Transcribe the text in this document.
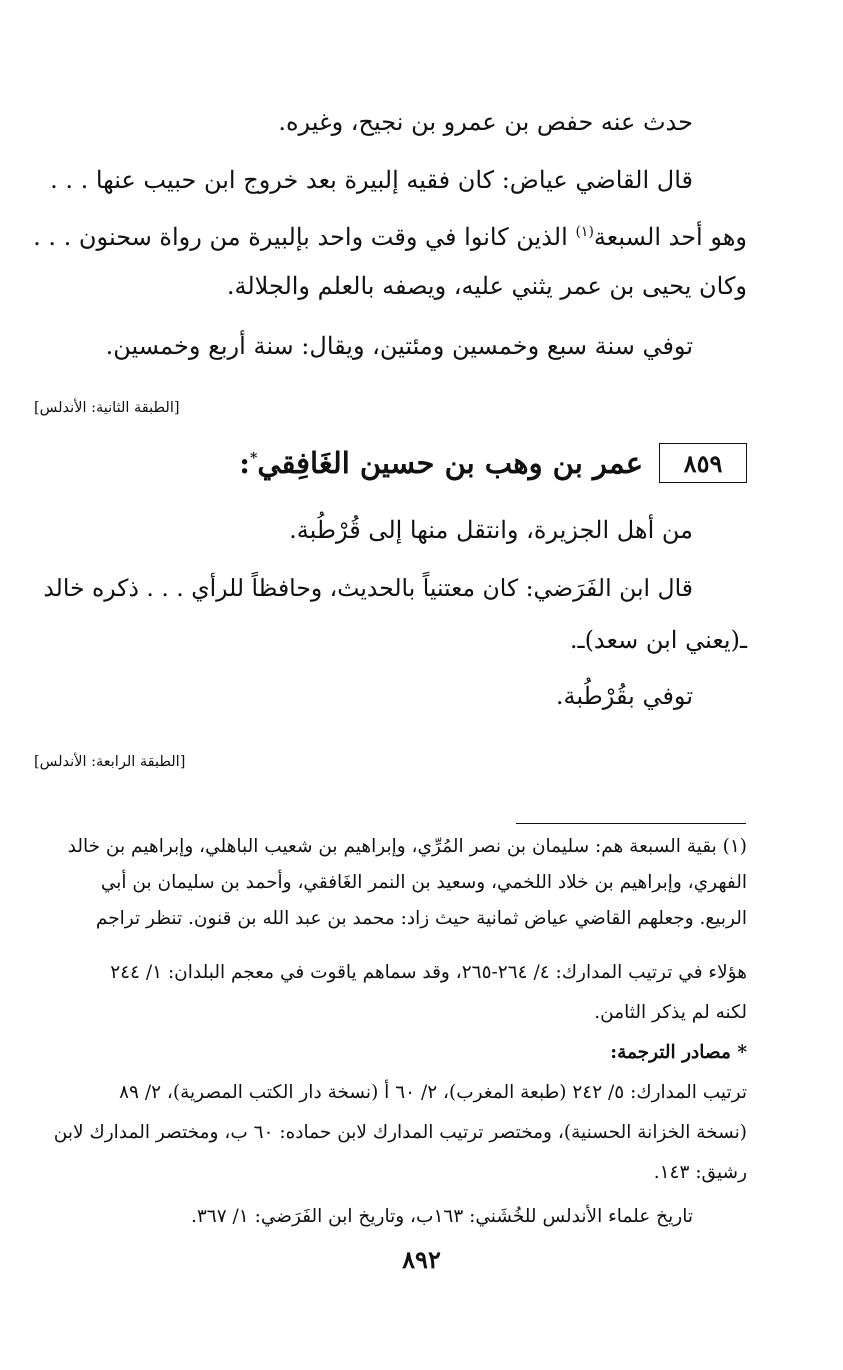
حدث عنه حفص بن عمرو بن نجيح، وغيره.
قال القاضي عياض: كان فقيه إلبيرة بعد خروج ابن حبيب عنها . . .
وهو أحد السبعة$^{(١)}$ الذين كانوا في وقت واحد بإلبيرة من رواة سحنون . . .
وكان يحيى بن عمر يثني عليه، ويصفه بالعلم والجلالة.
توفي سنة سبع وخمسين ومئتين، ويقال: سنة أربع وخمسين.
[الطبقة الثانية: الأندلس]
٨٥٩
عمر بن وهب بن حسين الغَافِقي*:
من أهل الجزيرة، وانتقل منها إلى قُرْطُبة.
قال ابن الفَرَضي: كان معتنياً بالحديث، وحافظاً للرأي . . . ذكره خالد
ـ(يعني ابن سعد)ـ.
توفي بقُرْطُبة.
[الطبقة الرابعة: الأندلس]
(١) بقية السبعة هم: سليمان بن نصر المُرِّي، وإبراهيم بن شعيب الباهلي، وإبراهيم بن خالد
الفهري، وإبراهيم بن خلاد اللخمي، وسعيد بن النمر الغَافقي، وأحمد بن سليمان بن أبي
الربيع. وجعلهم القاضي عياض ثمانية حيث زاد: محمد بن عبد الله بن قنون. تنظر تراجم
هؤلاء في ترتيب المدارك: ٤/ ٢٦٤-٢٦٥، وقد سماهم ياقوت في معجم البلدان: ١/ ٢٤٤
لكنه لم يذكر الثامن.
* مصادر الترجمة:
ترتيب المدارك: ٥/ ٢٤٢ (طبعة المغرب)، ٢/ ٦٠ أ (نسخة دار الكتب المصرية)، ٢/ ٨٩
(نسخة الخزانة الحسنية)، ومختصر ترتيب المدارك لابن حماده: ٦٠ ب، ومختصر المدارك لابن
رشيق: ١٤٣.
تاريخ علماء الأندلس للخُشَني: ١٦٣ب، وتاريخ ابن الفَرَضي: ١/ ٣٦٧.
٨٩٢
